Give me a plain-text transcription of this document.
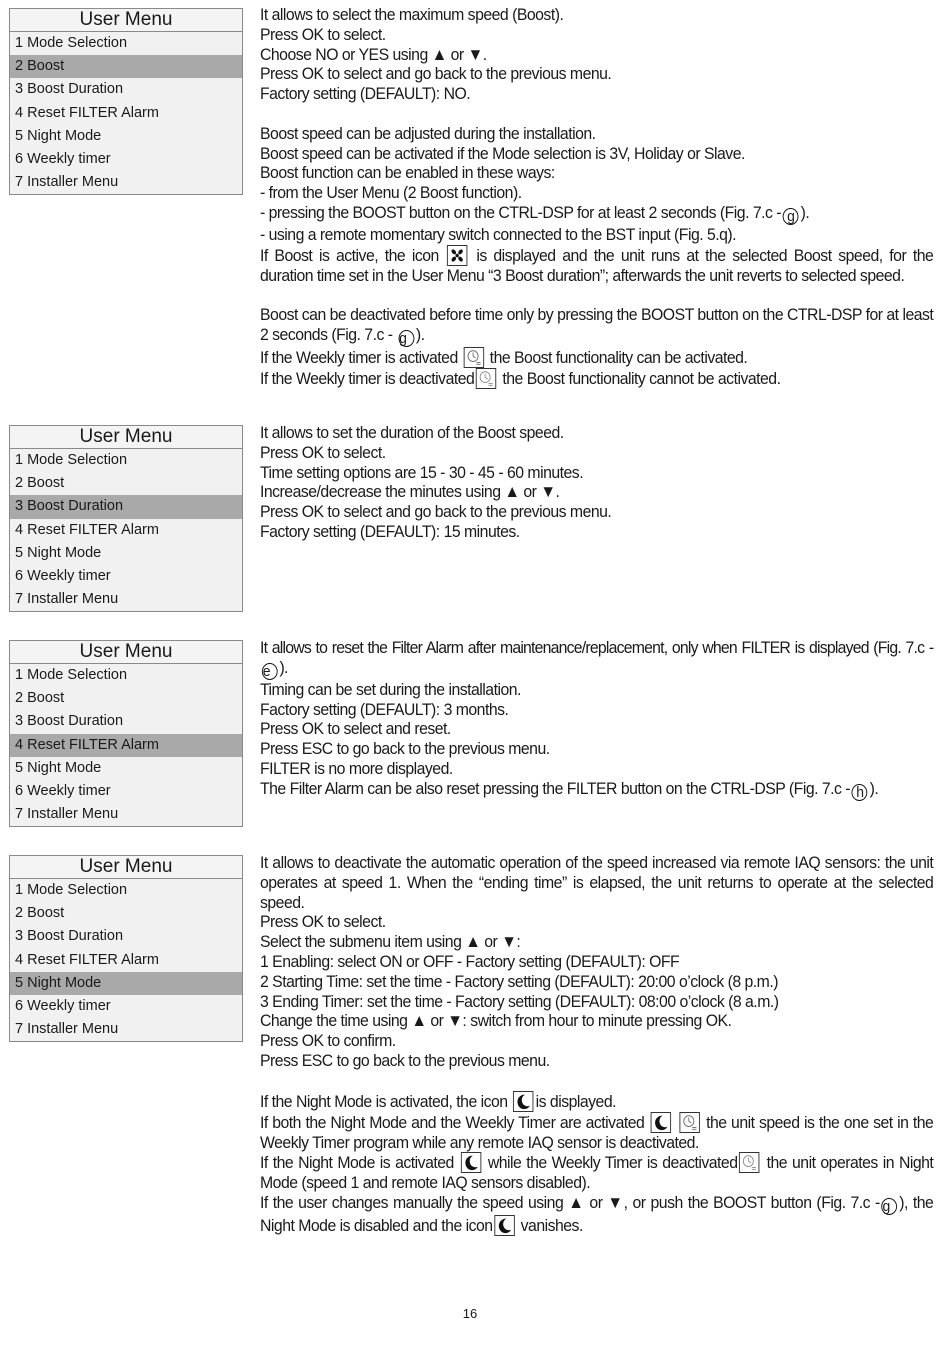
User Menu
1 Mode Selection
2 Boost
3 Boost Duration
4 Reset FILTER Alarm
5 Night Mode
6 Weekly timer
7 Installer Menu
User Menu
1 Mode Selection
2 Boost
3 Boost Duration
4 Reset FILTER Alarm
5 Night Mode
6 Weekly timer
7 Installer Menu
User Menu
1 Mode Selection
2 Boost
3 Boost Duration
4 Reset FILTER Alarm
5 Night Mode
6 Weekly timer
7 Installer Menu
User Menu
1 Mode Selection
2 Boost
3 Boost Duration
4 Reset FILTER Alarm
5 Night Mode
6 Weekly timer
7 Installer Menu

It allows to select the maximum speed (Boost).

Press OK to select.

Choose NO or YES using ▲ or ▼.

Press OK to select and go back to the previous menu.

Factory setting (DEFAULT): NO.

Boost speed can be adjusted during the installation.

Boost speed can be activated if the Mode selection is 3V, Holiday or Slave.

Boost function can be enabled in these ways:

- from the User Menu (2 Boost function).

- pressing the BOOST button on the CTRL-DSP for at least 2 seconds (Fig. 7.c - g ).

- using a remote momentary switch connected to the BST input (Fig. 5.q).

If Boost is active, the icon
is displayed and the unit runs at the selected Boost speed, for the duration time set in the User Menu “3 Boost duration”; afterwards the unit reverts to selected speed.

Boost can be deactivated before time only by pressing the BOOST button on the CTRL-DSP for at least 2 seconds (Fig. 7.c - g ).

If the Weekly timer is activated
the Boost functionality can be activated.

If the Weekly timer is deactivated
the Boost functionality cannot be activated.

It allows to set the duration of the Boost speed.

Press OK to select.

Time setting options are 15 - 30 - 45 - 60 minutes.

Increase/decrease the minutes using ▲ or ▼.

Press OK to select and go back to the previous menu.

Factory setting (DEFAULT): 15 minutes.

It allows to reset the Filter Alarm after maintenance/replacement, only when FILTER is displayed (Fig. 7.c - e ).

Timing can be set during the installation.

Factory setting (DEFAULT): 3 months.

Press OK to select and reset.

Press ESC to go back to the previous menu.

FILTER is no more displayed.

The Filter Alarm can be also reset pressing the FILTER button on the CTRL-DSP (Fig. 7.c - h ).

It allows to deactivate the automatic operation of the speed increased via remote IAQ sensors: the unit operates at speed 1. When the “ending time” is elapsed, the unit returns to operate at the selected speed.

Press OK to select.

Select the submenu item using ▲ or ▼:

1 Enabling: select ON or OFF - Factory setting (DEFAULT): OFF

2 Starting Time: set the time - Factory setting (DEFAULT): 20:00 o’clock (8 p.m.)

3 Ending Timer: set the time - Factory setting (DEFAULT): 08:00 o’clock (8 a.m.)

Change the time using ▲ or ▼: switch from hour to minute pressing OK.

Press OK to confirm.

Press ESC to go back to the previous menu.

If the Night Mode is activated, the icon
is displayed.

If both the Night Mode and the Weekly Timer are activated
	the unit speed is the one set in the Weekly Timer program while any remote IAQ sensor is deactivated.

If the Night Mode is activated
while the Weekly Timer is deactivated
the unit operates in Night Mode (speed 1 and remote IAQ sensors disabled).

If the user changes manually the speed using ▲ or ▼, or push the BOOST button (Fig. 7.c - g ), the Night Mode is disabled and the icon
vanishes.

16
